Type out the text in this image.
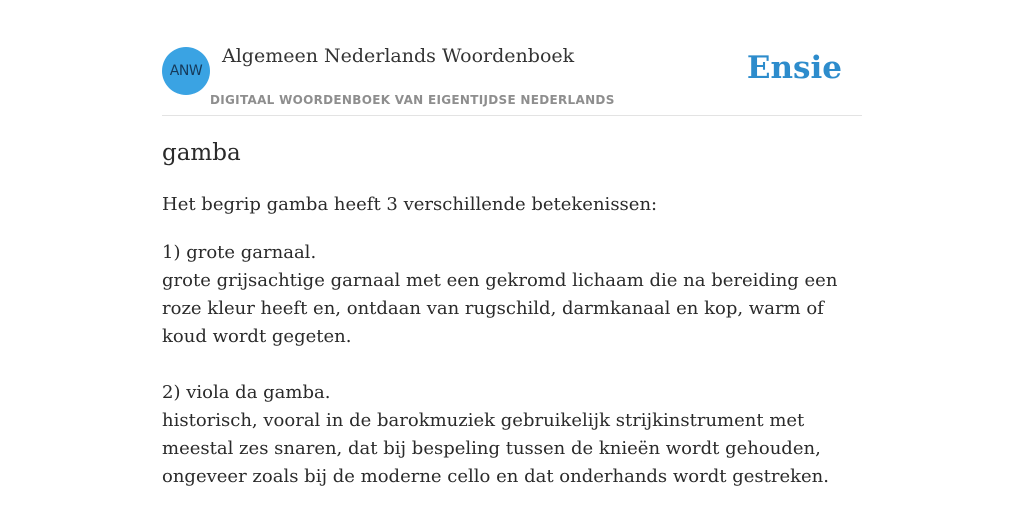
ANW
Algemeen Nederlands Woordenboek
DIGITAAL WOORDENBOEK VAN EIGENTIJDSE NEDERLANDS
Ensie
gamba
Het begrip gamba heeft 3 verschillende betekenissen:
1) grote garnaal.
grote grijsachtige garnaal met een gekromd lichaam die na bereiding een roze kleur heeft en, ontdaan van rugschild, darmkanaal en kop, warm of koud wordt gegeten.
2) viola da gamba.
historisch, vooral in de barokmuziek gebruikelijk strijkinstrument met meestal zes snaren, dat bij bespeling tussen de knieën wordt gehouden, ongeveer zoals bij de moderne cello en dat onderhands wordt gestreken.
